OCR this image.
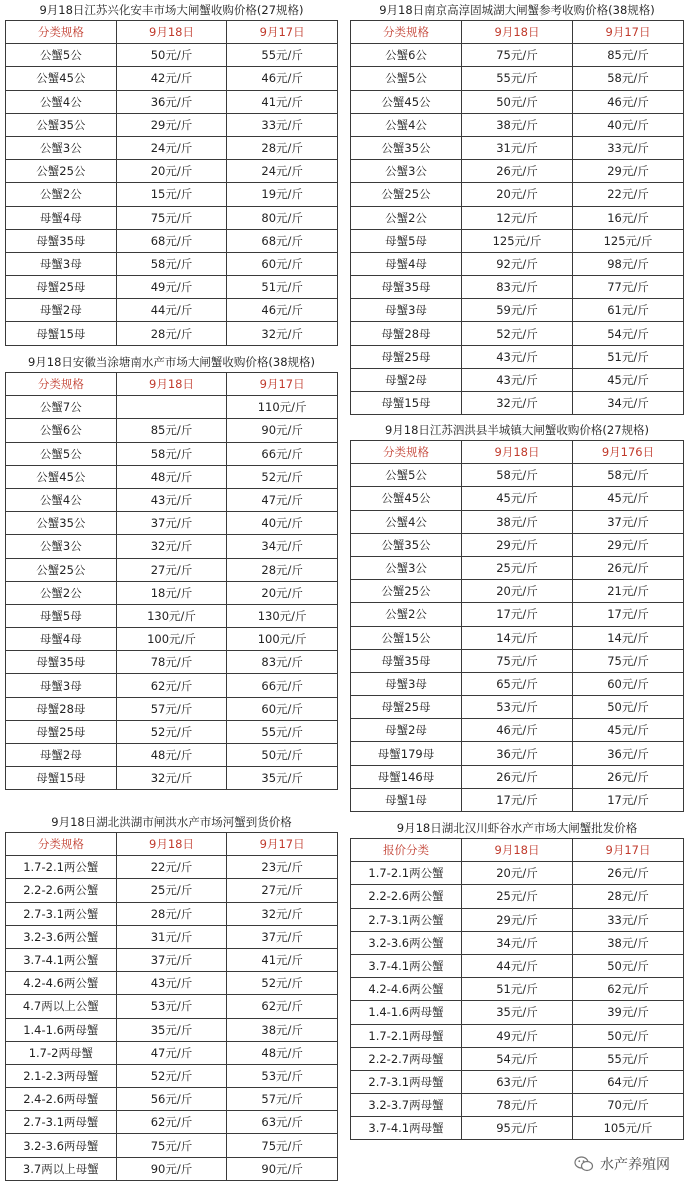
9月18日江苏兴化安丰市场大闸蟹收购价格(27规格)
分类规格	9月18日	9月17日
公蟹5公	50元/斤	55元/斤
公蟹45公	42元/斤	46元/斤
公蟹4公	36元/斤	41元/斤
公蟹35公	29元/斤	33元/斤
公蟹3公	24元/斤	28元/斤
公蟹25公	20元/斤	24元/斤
公蟹2公	15元/斤	19元/斤
母蟹4母	75元/斤	80元/斤
母蟹35母	68元/斤	68元/斤
母蟹3母	58元/斤	60元/斤
母蟹25母	49元/斤	51元/斤
母蟹2母	44元/斤	46元/斤
母蟹15母	28元/斤	32元/斤
9月18日安徽当涂塘南水产市场大闸蟹收购价格(38规格)
分类规格	9月18日	9月17日
公蟹7公		110元/斤
公蟹6公	85元/斤	90元/斤
公蟹5公	58元/斤	66元/斤
公蟹45公	48元/斤	52元/斤
公蟹4公	43元/斤	47元/斤
公蟹35公	37元/斤	40元/斤
公蟹3公	32元/斤	34元/斤
公蟹25公	27元/斤	28元/斤
公蟹2公	18元/斤	20元/斤
母蟹5母	130元/斤	130元/斤
母蟹4母	100元/斤	100元/斤
母蟹35母	78元/斤	83元/斤
母蟹3母	62元/斤	66元/斤
母蟹28母	57元/斤	60元/斤
母蟹25母	52元/斤	55元/斤
母蟹2母	48元/斤	50元/斤
母蟹15母	32元/斤	35元/斤
9月18日湖北洪湖市闸洪水产市场河蟹到货价格
分类规格	9月18日	9月17日
1.7-2.1两公蟹	22元/斤	23元/斤
2.2-2.6两公蟹	25元/斤	27元/斤
2.7-3.1两公蟹	28元/斤	32元/斤
3.2-3.6两公蟹	31元/斤	37元/斤
3.7-4.1两公蟹	37元/斤	41元/斤
4.2-4.6两公蟹	43元/斤	52元/斤
4.7两以上公蟹	53元/斤	62元/斤
1.4-1.6两母蟹	35元/斤	38元/斤
1.7-2两母蟹	47元/斤	48元/斤
2.1-2.3两母蟹	52元/斤	53元/斤
2.4-2.6两母蟹	56元/斤	57元/斤
2.7-3.1两母蟹	62元/斤	63元/斤
3.2-3.6两母蟹	75元/斤	75元/斤
3.7两以上母蟹	90元/斤	90元/斤
9月18日南京高淳固城湖大闸蟹参考收购价格(38规格)
分类规格	9月18日	9月17日
公蟹6公	75元/斤	85元/斤
公蟹5公	55元/斤	58元/斤
公蟹45公	50元/斤	46元/斤
公蟹4公	38元/斤	40元/斤
公蟹35公	31元/斤	33元/斤
公蟹3公	26元/斤	29元/斤
公蟹25公	20元/斤	22元/斤
公蟹2公	12元/斤	16元/斤
母蟹5母	125元/斤	125元/斤
母蟹4母	92元/斤	98元/斤
母蟹35母	83元/斤	77元/斤
母蟹3母	59元/斤	61元/斤
母蟹28母	52元/斤	54元/斤
母蟹25母	43元/斤	51元/斤
母蟹2母	43元/斤	45元/斤
母蟹15母	32元/斤	34元/斤
9月18日江苏泗洪县半城镇大闸蟹收购价格(27规格)
分类规格	9月18日	9月176日
公蟹5公	58元/斤	58元/斤
公蟹45公	45元/斤	45元/斤
公蟹4公	38元/斤	37元/斤
公蟹35公	29元/斤	29元/斤
公蟹3公	25元/斤	26元/斤
公蟹25公	20元/斤	21元/斤
公蟹2公	17元/斤	17元/斤
公蟹15公	14元/斤	14元/斤
母蟹35母	75元/斤	75元/斤
母蟹3母	65元/斤	60元/斤
母蟹25母	53元/斤	50元/斤
母蟹2母	46元/斤	45元/斤
母蟹179母	36元/斤	36元/斤
母蟹146母	26元/斤	26元/斤
母蟹1母	17元/斤	17元/斤
9月18日湖北汉川虾谷水产市场大闸蟹批发价格
报价分类	9月18日	9月17日
1.7-2.1两公蟹	20元/斤	26元/斤
2.2-2.6两公蟹	25元/斤	28元/斤
2.7-3.1两公蟹	29元/斤	33元/斤
3.2-3.6两公蟹	34元/斤	38元/斤
3.7-4.1两公蟹	44元/斤	50元/斤
4.2-4.6两公蟹	51元/斤	62元/斤
1.4-1.6两母蟹	35元/斤	39元/斤
1.7-2.1两母蟹	49元/斤	50元/斤
2.2-2.7两母蟹	54元/斤	55元/斤
2.7-3.1两母蟹	63元/斤	64元/斤
3.2-3.7两母蟹	78元/斤	70元/斤
3.7-4.1两母蟹	95元/斤	105元/斤
水产养殖网
